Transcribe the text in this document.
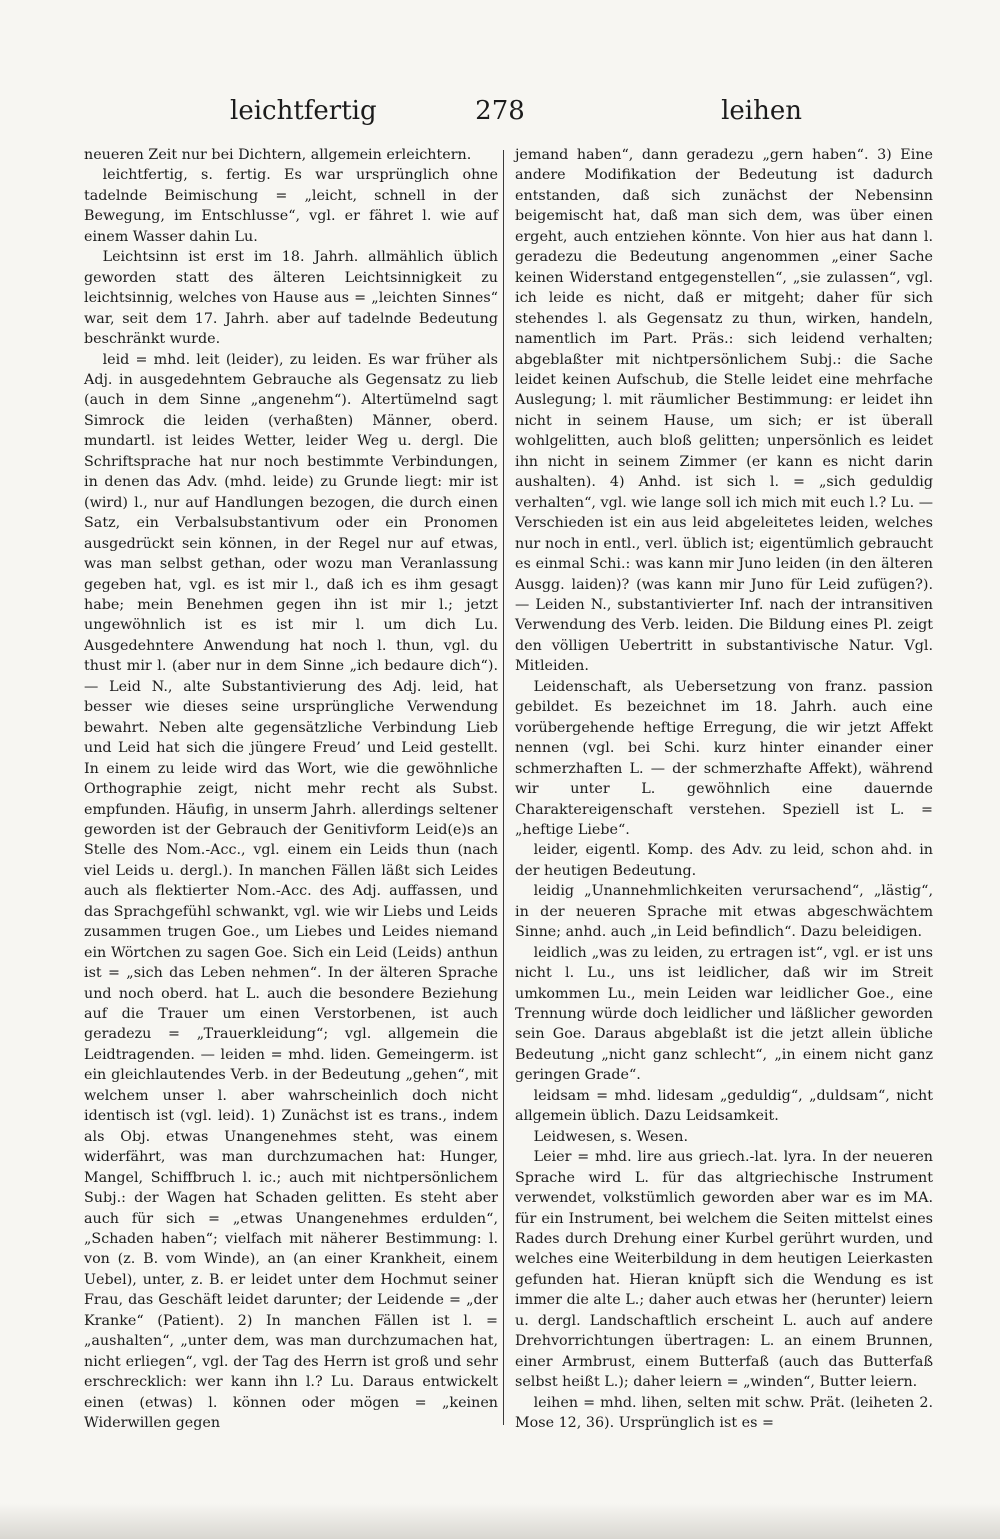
leichtfertig	278	leihen

neueren Zeit nur bei Dichtern, allgemein erleichtern.

leichtfertig, s. fertig. Es war ursprünglich ohne tadelnde Beimischung = „leicht, schnell in der Bewegung, im Entschlusse“, vgl. er fähret l. wie auf einem Wasser dahin Lu.

Leichtsinn ist erst im 18. Jahrh. allmählich üblich geworden statt des älteren Leichtsinnigkeit zu leichtsinnig, welches von Hause aus = „leichten Sinnes“ war, seit dem 17. Jahrh. aber auf tadelnde Bedeutung beschränkt wurde.

leid = mhd. leit (leider), zu leiden. Es war früher als Adj. in ausgedehntem Gebrauche als Gegensatz zu lieb (auch in dem Sinne „angenehm“). Altertümelnd sagt Simrock die leiden (verhaßten) Männer, oberd. mundartl. ist leides Wetter, leider Weg u. dergl. Die Schriftsprache hat nur noch bestimmte Verbindungen, in denen das Adv. (mhd. leide) zu Grunde liegt: mir ist (wird) l., nur auf Handlungen bezogen, die durch einen Satz, ein Verbalsubstantivum oder ein Pronomen ausgedrückt sein können, in der Regel nur auf etwas, was man selbst gethan, oder wozu man Veranlassung gegeben hat, vgl. es ist mir l., daß ich es ihm gesagt habe; mein Benehmen gegen ihn ist mir l.; jetzt ungewöhnlich ist es ist mir l. um dich Lu. Ausgedehntere Anwendung hat noch l. thun, vgl. du thust mir l. (aber nur in dem Sinne „ich bedaure dich“). — Leid N., alte Substantivierung des Adj. leid, hat besser wie dieses seine ursprüngliche Verwendung bewahrt. Neben alte gegensätzliche Verbindung Lieb und Leid hat sich die jüngere Freud’ und Leid gestellt. In einem zu leide wird das Wort, wie die gewöhnliche Orthographie zeigt, nicht mehr recht als Subst. empfunden. Häufig, in unserm Jahrh. allerdings seltener geworden ist der Gebrauch der Genitivform Leid(e)s an Stelle des Nom.-Acc., vgl. einem ein Leids thun (nach viel Leids u. dergl.). In manchen Fällen läßt sich Leides auch als flektierter Nom.-Acc. des Adj. auffassen, und das Sprachgefühl schwankt, vgl. wie wir Liebs und Leids zusammen trugen Goe., um Liebes und Leides niemand ein Wörtchen zu sagen Goe. Sich ein Leid (Leids) anthun ist = „sich das Leben nehmen“. In der älteren Sprache und noch oberd. hat L. auch die besondere Beziehung auf die Trauer um einen Verstorbenen, ist auch geradezu = „Trauerkleidung“; vgl. allgemein die Leidtragenden. — leiden = mhd. liden. Gemeingerm. ist ein gleichlautendes Verb. in der Bedeutung „gehen“, mit welchem unser l. aber wahrscheinlich doch nicht identisch ist (vgl. leid). 1) Zunächst ist es trans., indem als Obj. etwas Unangenehmes steht, was einem widerfährt, was man durchzumachen hat: Hunger, Mangel, Schiffbruch l. ic.; auch mit nichtpersönlichem Subj.: der Wagen hat Schaden gelitten. Es steht aber auch für sich = „etwas Unangenehmes erdulden“, „Schaden haben“; vielfach mit näherer Bestimmung: l. von (z. B. vom Winde), an (an einer Krankheit, einem Uebel), unter, z. B. er leidet unter dem Hochmut seiner Frau, das Geschäft leidet darunter; der Leidende = „der Kranke“ (Patient). 2) In manchen Fällen ist l. = „aushalten“, „unter dem, was man durchzumachen hat, nicht erliegen“, vgl. der Tag des Herrn ist groß und sehr erschrecklich: wer kann ihn l.? Lu. Daraus entwickelt einen (etwas) l. können oder mögen = „keinen Widerwillen gegen

jemand haben“, dann geradezu „gern haben“. 3) Eine andere Modifikation der Bedeutung ist dadurch entstanden, daß sich zunächst der Nebensinn beigemischt hat, daß man sich dem, was über einen ergeht, auch entziehen könnte. Von hier aus hat dann l. geradezu die Bedeutung angenommen „einer Sache keinen Widerstand entgegenstellen“, „sie zulassen“, vgl. ich leide es nicht, daß er mitgeht; daher für sich stehendes l. als Gegensatz zu thun, wirken, handeln, namentlich im Part. Präs.: sich leidend verhalten; abgeblaßter mit nichtpersönlichem Subj.: die Sache leidet keinen Aufschub, die Stelle leidet eine mehrfache Auslegung; l. mit räumlicher Bestimmung: er leidet ihn nicht in seinem Hause, um sich; er ist überall wohlgelitten, auch bloß gelitten; unpersönlich es leidet ihn nicht in seinem Zimmer (er kann es nicht darin aushalten). 4) Anhd. ist sich l. = „sich geduldig verhalten“, vgl. wie lange soll ich mich mit euch l.? Lu. — Verschieden ist ein aus leid abgeleitetes leiden, welches nur noch in entl., verl. üblich ist; eigentümlich gebraucht es einmal Schi.: was kann mir Juno leiden (in den älteren Ausgg. laiden)? (was kann mir Juno für Leid zufügen?). — Leiden N., substantivierter Inf. nach der intransitiven Verwendung des Verb. leiden. Die Bildung eines Pl. zeigt den völligen Uebertritt in substantivische Natur. Vgl. Mitleiden.

Leidenschaft, als Uebersetzung von franz. passion gebildet. Es bezeichnet im 18. Jahrh. auch eine vorübergehende heftige Erregung, die wir jetzt Affekt nennen (vgl. bei Schi. kurz hinter einander einer schmerzhaften L. — der schmerzhafte Affekt), während wir unter L. gewöhnlich eine dauernde Charaktereigenschaft verstehen. Speziell ist L. = „heftige Liebe“.

leider, eigentl. Komp. des Adv. zu leid, schon ahd. in der heutigen Bedeutung.

leidig „Unannehmlichkeiten verursachend“, „lästig“, in der neueren Sprache mit etwas abgeschwächtem Sinne; anhd. auch „in Leid befindlich“. Dazu beleidigen.

leidlich „was zu leiden, zu ertragen ist“, vgl. er ist uns nicht l. Lu., uns ist leidlicher, daß wir im Streit umkommen Lu., mein Leiden war leidlicher Goe., eine Trennung würde doch leidlicher und läßlicher geworden sein Goe. Daraus abgeblaßt ist die jetzt allein übliche Bedeutung „nicht ganz schlecht“, „in einem nicht ganz geringen Grade“.

leidsam = mhd. lidesam „geduldig“, „duldsam“, nicht allgemein üblich. Dazu Leidsamkeit.

Leidwesen, s. Wesen.

Leier = mhd. lire aus griech.-lat. lyra. In der neueren Sprache wird L. für das altgriechische Instrument verwendet, volkstümlich geworden aber war es im MA. für ein Instrument, bei welchem die Seiten mittelst eines Rades durch Drehung einer Kurbel gerührt wurden, und welches eine Weiterbildung in dem heutigen Leierkasten gefunden hat. Hieran knüpft sich die Wendung es ist immer die alte L.; daher auch etwas her (herunter) leiern u. dergl. Landschaftlich erscheint L. auch auf andere Drehvorrichtungen übertragen: L. an einem Brunnen, einer Armbrust, einem Butterfaß (auch das Butterfaß selbst heißt L.); daher leiern = „winden“, Butter leiern.

leihen = mhd. lihen, selten mit schw. Prät. (leiheten 2. Mose 12, 36). Ursprünglich ist es =
